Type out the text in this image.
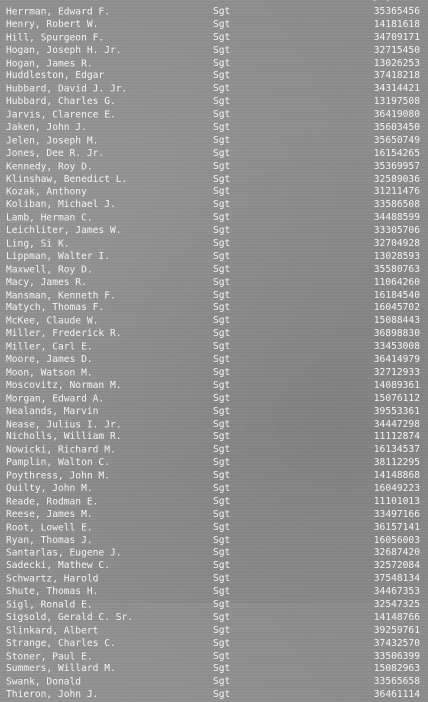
- -
Herrman, Edward F.	Sgt	35365456
Henry, Robert W.	Sgt	14181618
Hill, Spurgeon F.	Sgt	34709171
Hogan, Joseph H. Jr.	Sgt	32715450
Hogan, James R.	Sgt	13026253
Huddleston, Edgar	Sgt	37418218
Hubbard, David J. Jr.	Sgt	34314421
Hubbard, Charles G.	Sgt	13197508
Jarvis, Clarence E.	Sgt	36419080
Jaken, John J.	Sgt	35603450
Jelen, Joseph M.	Sgt	35650749
Jones, Dee R. Jr.	Sgt	16154265
Kennedy, Roy D.	Sgt	35369957
Klinshaw, Benedict L.	Sgt	32589036
Kozak, Anthony	Sgt	31211476
Koliban, Michael J.	Sgt	33586508
Lamb, Herman C.	Sgt	34488599
Leichliter, James W.	Sgt	33305706
Ling, Si K.	Sgt	32704928
Lippman, Walter I.	Sgt	13028593
Maxwell, Roy D.	Sgt	35580763
Macy, James R.	Sgt	11064260
Mansman, Kenneth F.	Sgt	16184540
Matych, Thomas F.	Sgt	16045702
McKee, Claude W.	Sgt	15088443
Miller, Frederick R.	Sgt	36898830
Miller, Carl E.	Sgt	33453008
Moore, James D.	Sgt	36414979
Moon, Watson M.	Sgt	32712933
Moscovitz, Norman M.	Sgt	14089361
Morgan, Edward A.	Sgt	15076112
Nealands, Marvin	Sgt	39553361
Nease, Julius I. Jr.	Sgt	34447298
Nicholls, William R.	Sgt	11112874
Nowicki, Richard M.	Sgt	16134537
Pamplin, Walton C.	Sgt	38112295
Poythress, John M.	Sgt	14148868
Quilty, John M.	Sgt	16049223
Reade, Rodman E.	Sgt	11101013
Reese, James M.	Sgt	33497166
Root, Lowell E.	Sgt	36157141
Ryan, Thomas J.	Sgt	16056003
Santarlas, Eugene J.	Sgt	32687420
Sadecki, Mathew C.	Sgt	32572084
Schwartz, Harold	Sgt	37548134
Shute, Thomas H.	Sgt	34467353
Sigl, Ronald E.	Sgt	32547325
Sigsold, Gerald C. Sr.	Sgt	14148766
Slinkard, Albert	Sgt	39259761
Strange, Charles C.	Sgt	37432570
Stoner, Paul E.	Sgt	33506399
Summers, Willard M.	Sgt	15082963
Swank, Donald	Sgt	33565658
Thieron, John J.	Sgt	36461114
